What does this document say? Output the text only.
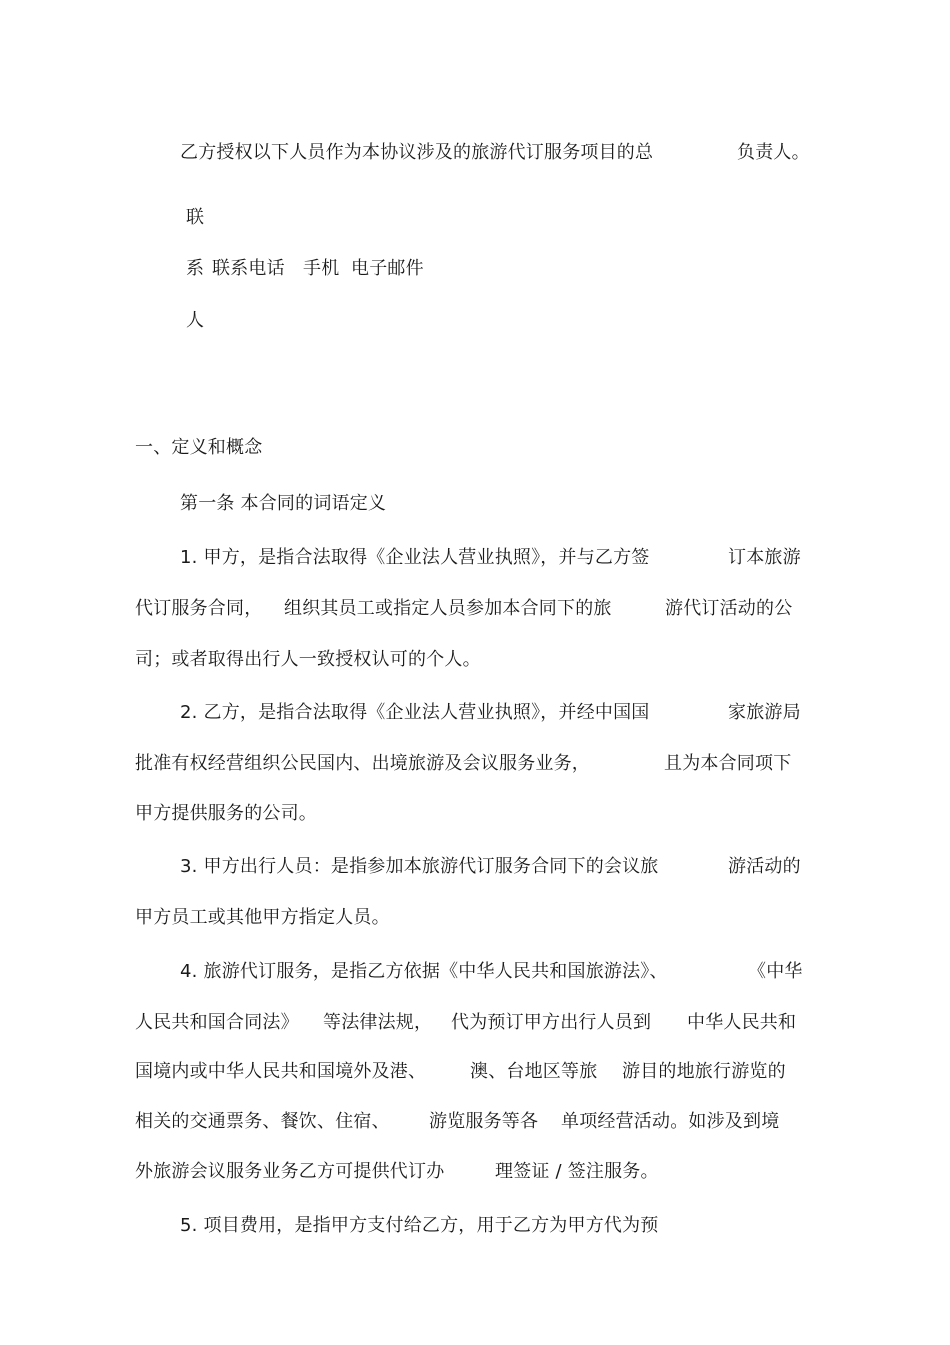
乙方授权以下人员作为本协议涉及的旅游代订服务项目的总	负责人。
联
系 联系电话 手机 电子邮件
人
一、定义和概念
第一条 本合同的词语定义
1. 甲方，是指合法取得《企业法人营业执照》，并与乙方签	订本旅游
代订服务合同， 组织其员工或指定人员参加本合同下的旅	游代订活动的公
司；或者取得出行人一致授权认可的个人。
2. 乙方，是指合法取得《企业法人营业执照》，并经中国国	家旅游局
批准有权经营组织公民国内、出境旅游及会议服务业务，	且为本合同项下
甲方提供服务的公司。
3. 甲方出行人员：是指参加本旅游代订服务合同下的会议旅	游活动的
甲方员工或其他甲方指定人员。
4. 旅游代订服务，是指乙方依据《中华人民共和国旅游法》、	《中华
人民共和国合同法》 等法律法规， 代为预订甲方出行人员到 中华人民共和
国境内或中华人民共和国境外及港、 澳、台地区等旅 游目的地旅行游览的
相关的交通票务、餐饮、住宿、 游览服务等各 单项经营活动。如涉及到境
外旅游会议服务业务乙方可提供代订办	理签证 / 签注服务。
5. 项目费用，是指甲方支付给乙方，用于乙方为甲方代为预
